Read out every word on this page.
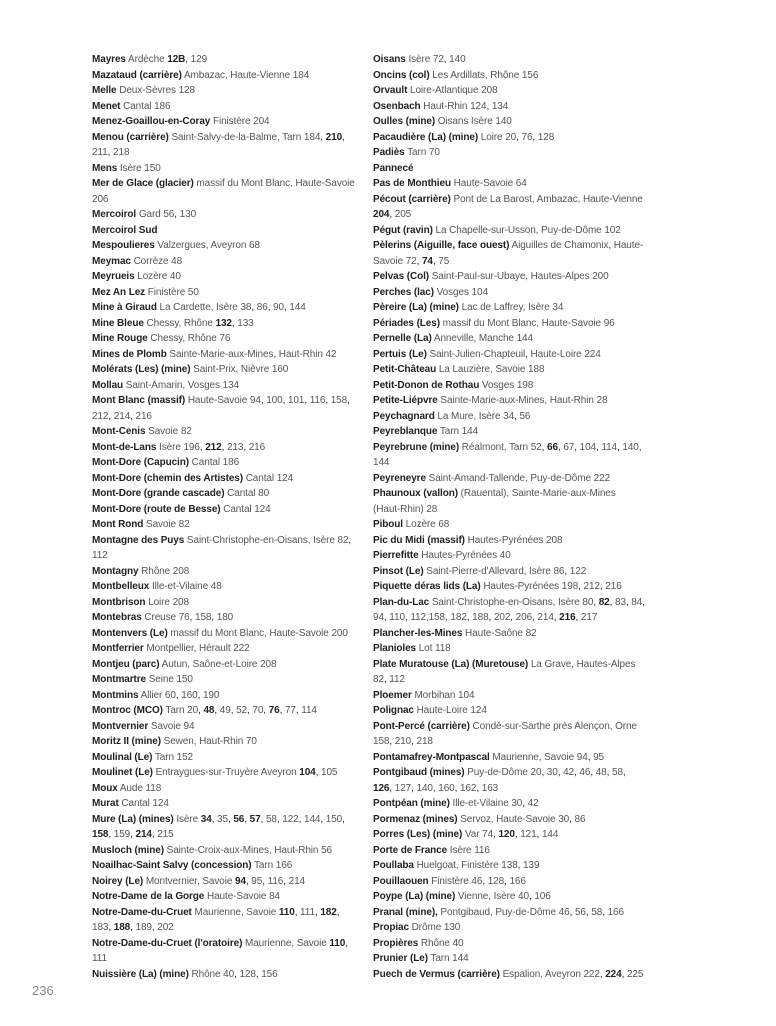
Mayres Ardèche 12B, 129
Mazataud (carrière) Ambazac, Haute-Vienne 184
Melle Deux-Sèvres 128
Menet Cantal 186
Menez-Goaillou-en-Coray Finistère 204
Menou (carrière) Saint-Salvy-de-la-Balme, Tarn 184, 210, 211, 218
Mens Isère 150
Mer de Glace (glacier) massif du Mont Blanc, Haute-Savoie 206
Mercoirol Gard 56, 130
Mercoirol Sud
Mespoulieres Valzergues, Aveyron 68
Meymac Corrèze 48
Meyrueis Lozère 40
Mez An Lez Finistère 50
Mine à Giraud La Cardette, Isère 38, 86, 90, 144
Mine Bleue Chessy, Rhône 132, 133
Mine Rouge Chessy, Rhône 76
Mines de Plomb Sainte-Marie-aux-Mines, Haut-Rhin 42
Molérats (Les) (mine) Saint-Prix, Nièvre 160
Mollau Saint-Amarin, Vosges 134
Mont Blanc (massif) Haute-Savoie 94, 100, 101, 116, 158, 212, 214, 216
Mont-Cenis Savoie 82
Mont-de-Lans Isère 196, 212, 213, 216
Mont-Dore (Capucin) Cantal 186
Mont-Dore (chemin des Artistes) Cantal 124
Mont-Dore (grande cascade) Cantal 80
Mont-Dore (route de Besse) Cantal 124
Mont Rond Savoie 82
Montagne des Puys Saint-Christophe-en-Oisans, Isère 82, 112
Montagny Rhône 208
Montbelleux Ille-et-Vilaine 48
Montbrison Loire 208
Montebras Creuse 76, 158, 180
Montenvers (Le) massif du Mont Blanc, Haute-Savoie 200
Montferrier Montpellier, Hérault 222
Montjeu (parc) Autun, Saône-et-Loire 208
Montmartre Seine 150
Montmins Allier 60, 160, 190
Montroc (MCO) Tarn 20, 48, 49, 52, 70, 76, 77, 114
Montvernier Savoie 94
Moritz II (mine) Sewen, Haut-Rhin 70
Moulinal (Le) Tarn 152
Moulinet (Le) Entraygues-sur-Truyère Aveyron 104, 105
Moux Aude 118
Murat Cantal 124
Mure (La) (mines) Isère 34, 35, 56, 57, 58, 122, 144, 150, 158, 159, 214, 215
Musloch (mine) Sainte-Croix-aux-Mines, Haut-Rhin 56
Noailhac-Saint Salvy (concession) Tarn 166
Noirey (Le) Montvernier, Savoie 94, 95, 116, 214
Notre-Dame de la Gorge Haute-Savoie 84
Notre-Dame-du-Cruet Maurienne, Savoie 110, 111, 182, 183, 188, 189, 202
Notre-Dame-du-Cruet (l'oratoire) Maurienne, Savoie 110, 111
Nuissière (La) (mine) Rhône 40, 128, 156
Oisans Isère 72, 140
Oncins (col) Les Ardillats, Rhône 156
Orvault Loire-Atlantique 208
Osenbach Haut-Rhin 124, 134
Oulles (mine) Oisans Isère 140
Pacaudière (La) (mine) Loire 20, 76, 128
Padiès Tarn 70
Pannecé
Pas de Monthieu Haute-Savoie 64
Pécout (carrière) Pont de La Barost, Ambazac, Haute-Vienne 204, 205
Pégut (ravin) La Chapelle-sur-Usson, Puy-de-Dôme 102
Pèlerins (Aiguille, face ouest) Aiguilles de Chamonix, Haute-Savoie 72, 74, 75
Pelvas (Col) Saint-Paul-sur-Ubaye, Hautes-Alpes 200
Perches (lac) Vosges 104
Pèreire (La) (mine) Lac de Laffrey, Isère 34
Périades (Les) massif du Mont Blanc, Haute-Savoie 96
Pernelle (La) Anneville, Manche 144
Pertuis (Le) Saint-Julien-Chapteuil, Haute-Loire 224
Petit-Château La Lauzière, Savoie 188
Petit-Donon de Rothau Vosges 198
Petite-Liépvre Sainte-Marie-aux-Mines, Haut-Rhin 28
Peychagnard La Mure, Isère 34, 56
Peyreblanque Tarn 144
Peyrebrune (mine) Réalmont, Tarn 52, 66, 67, 104, 114, 140, 144
Peyreneyre Saint-Amand-Tallende, Puy-de-Dôme 222
Phaunoux (vallon) (Rauental), Sainte-Marie-aux-Mines (Haut-Rhin) 28
Piboul Lozère 68
Pic du Midi (massif) Hautes-Pyrénées 208
Pierrefitte Hautes-Pyrénées 40
Pinsot (Le) Saint-Pierre-d'Allevard, Isère 86, 122
Piquette déras lids (La) Hautes-Pyrénées 198, 212, 216
Plan-du-Lac Saint-Christophe-en-Oisans, Isère 80, 82, 83, 84, 94, 110, 112,158, 182, 188, 202, 206, 214, 216, 217
Plancher-les-Mines Haute-Saône 82
Planioles Lot 118
Plate Muratouse (La) (Muretouse) La Grave, Hautes-Alpes 82, 112
Ploemer Morbihan 104
Polignac Haute-Loire 124
Pont-Percé (carrière) Condé-sur-Sarthe près Alençon, Orne 158, 210, 218
Pontamafrey-Montpascal Maurienne, Savoie 94, 95
Pontgibaud (mines) Puy-de-Dôme 20, 30, 42, 46, 48, 58, 126, 127, 140, 160, 162, 163
Pontpéan (mine) Ille-et-Vilaine 30, 42
Pormenaz (mines) Servoz, Haute-Savoie 30, 86
Porres (Les) (mine) Var 74, 120, 121, 144
Porte de France Isère 116
Poullaba Huelgoat, Finistère 138, 139
Pouillaouen Finistère 46, 128, 166
Poype (La) (mine) Vienne, Isère 40, 106
Pranal (mine), Pontgibaud, Puy-de-Dôme 46, 56, 58, 166
Propiac Drôme 130
Propières Rhône 40
Prunier (Le) Tarn 144
Puech de Vermus (carrière) Espalion, Aveyron 222, 224, 225
236
